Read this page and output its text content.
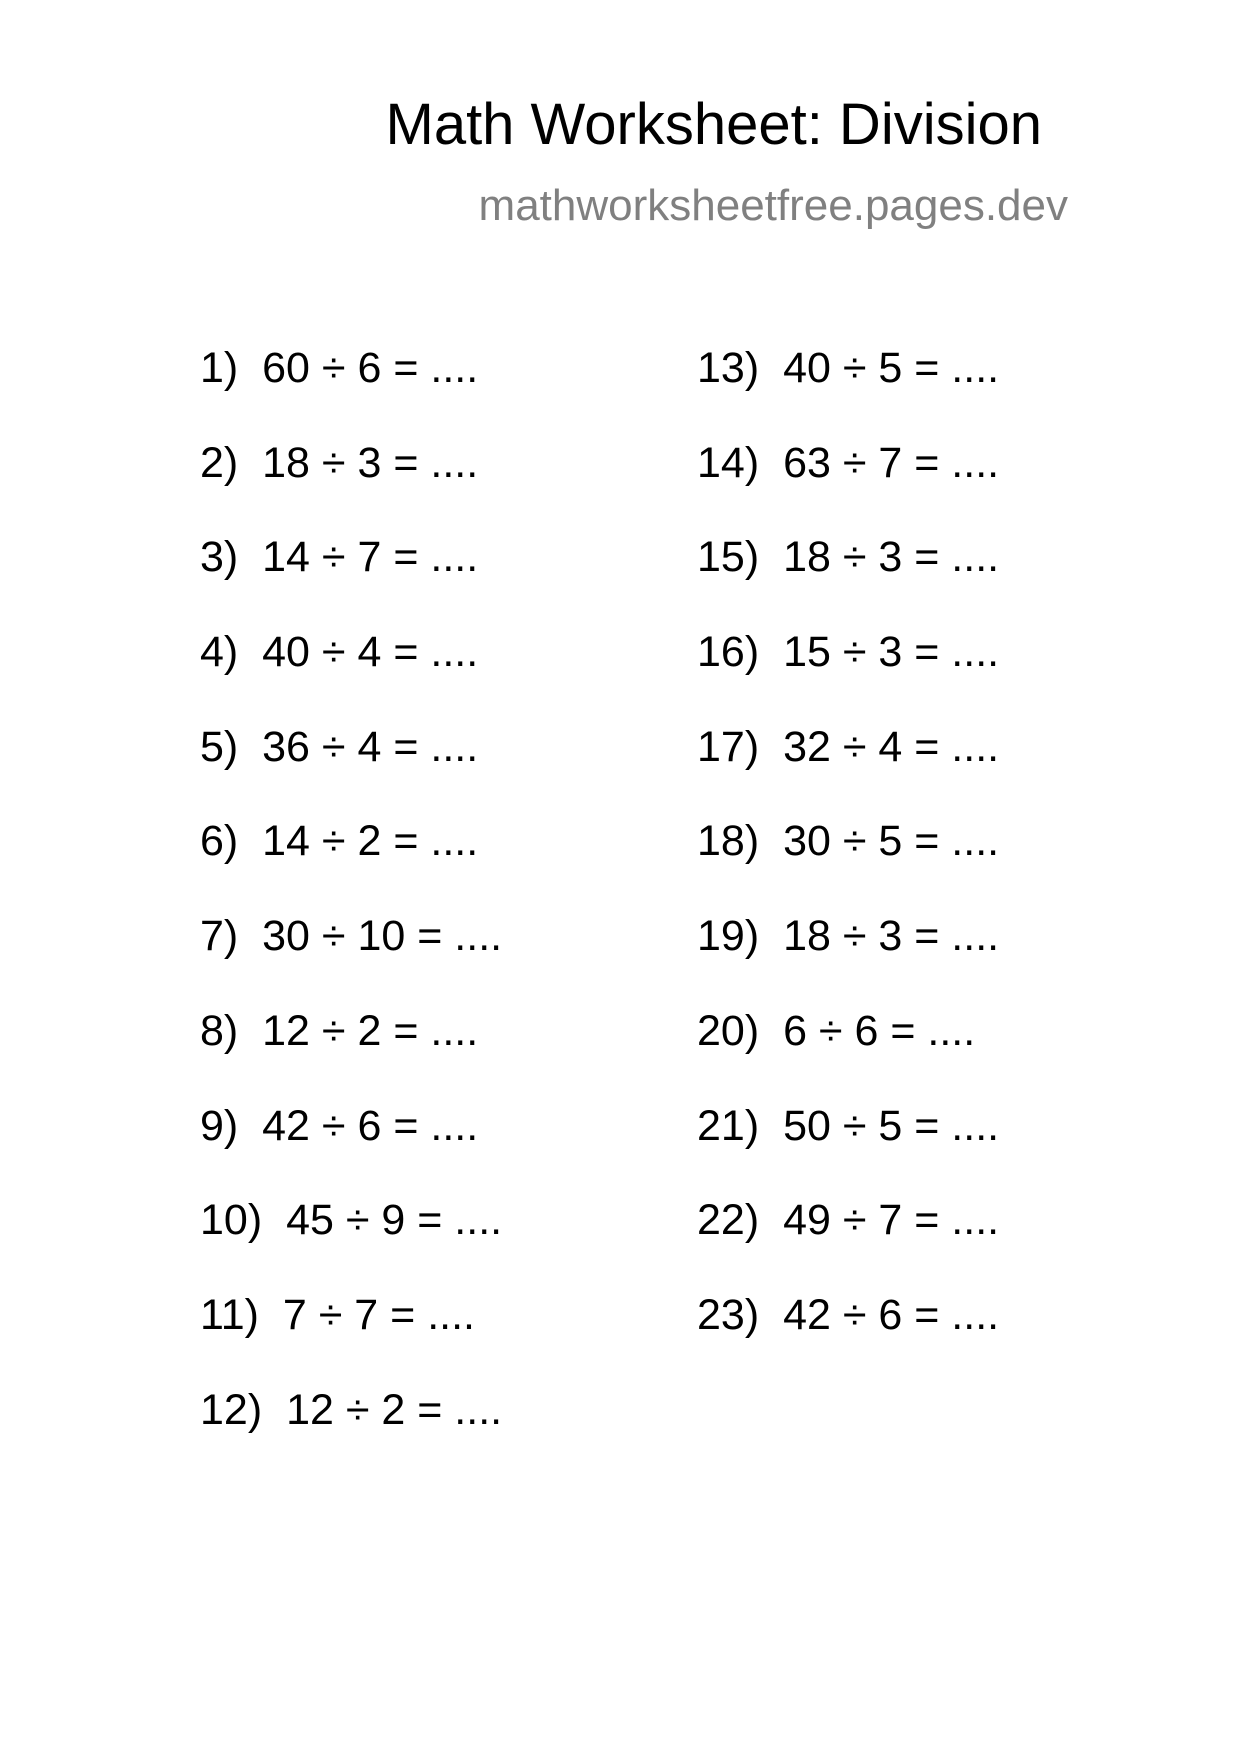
Math Worksheet: Division
mathworksheetfree.pages.dev
1) 60 ÷ 6 = ....
2) 18 ÷ 3 = ....
3) 14 ÷ 7 = ....
4) 40 ÷ 4 = ....
5) 36 ÷ 4 = ....
6) 14 ÷ 2 = ....
7) 30 ÷ 10 = ....
8) 12 ÷ 2 = ....
9) 42 ÷ 6 = ....
10) 45 ÷ 9 = ....
11) 7 ÷ 7 = ....
12) 12 ÷ 2 = ....
13) 40 ÷ 5 = ....
14) 63 ÷ 7 = ....
15) 18 ÷ 3 = ....
16) 15 ÷ 3 = ....
17) 32 ÷ 4 = ....
18) 30 ÷ 5 = ....
19) 18 ÷ 3 = ....
20) 6 ÷ 6 = ....
21) 50 ÷ 5 = ....
22) 49 ÷ 7 = ....
23) 42 ÷ 6 = ....
